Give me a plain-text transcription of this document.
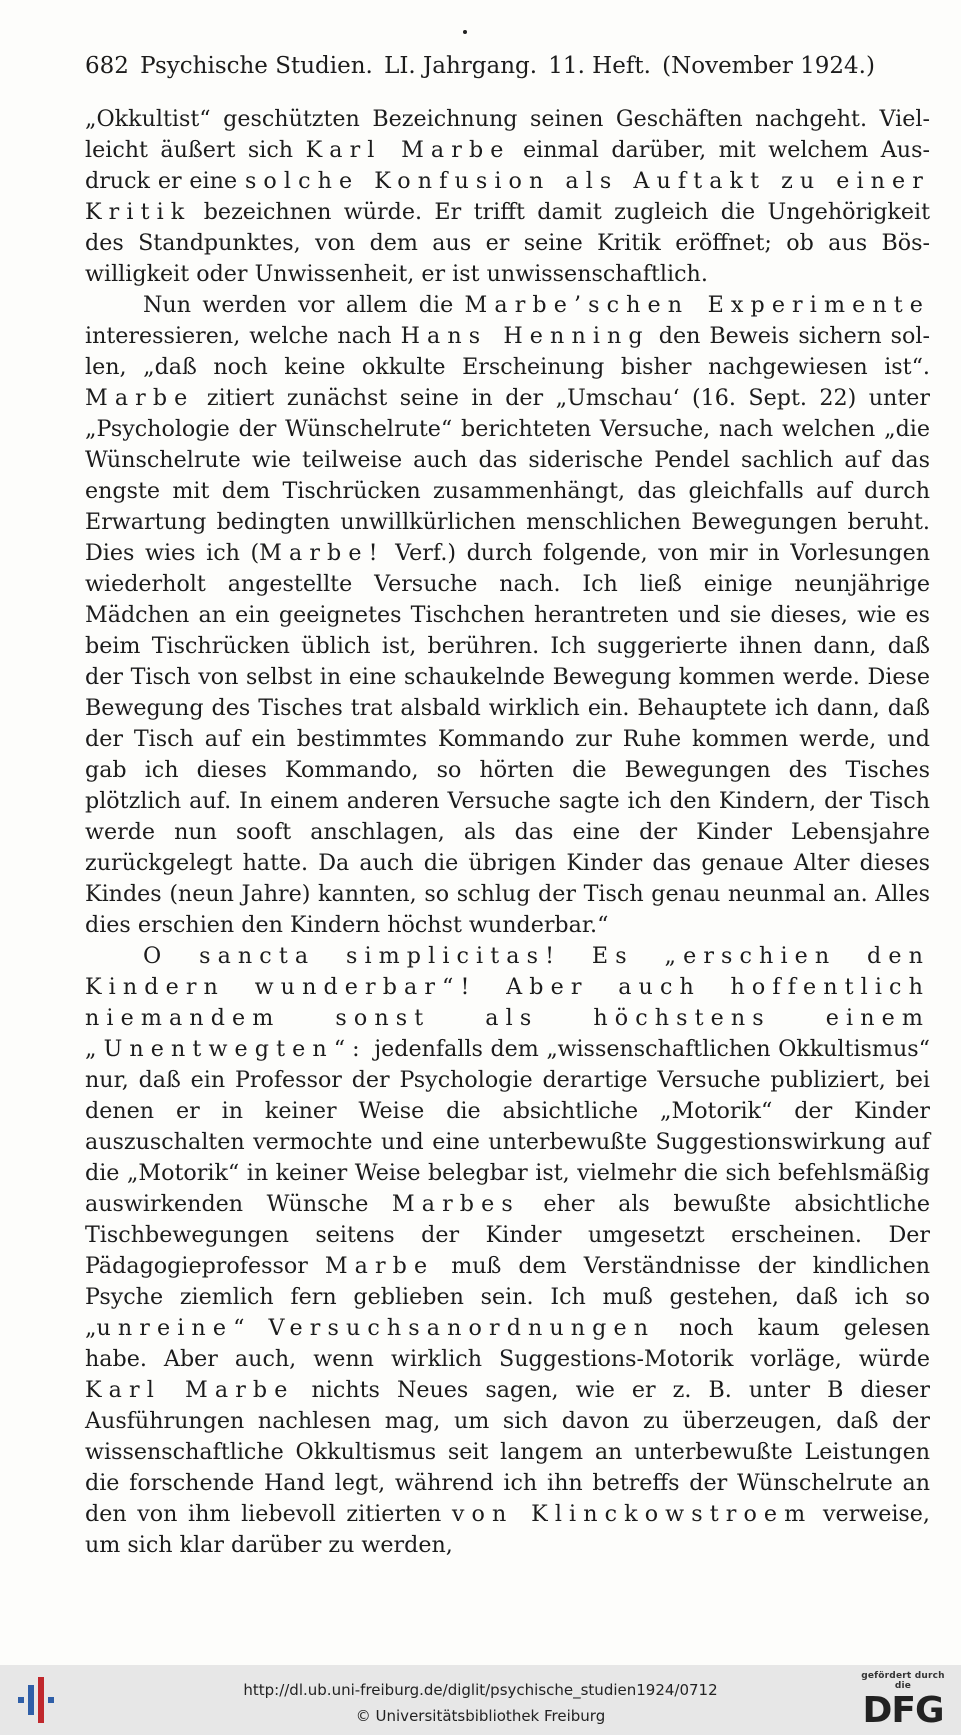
682 Psychische Studien. LI. Jahrgang. 11. Heft. (November 1924.)

„Okkultist“ geschützten Bezeichnung seinen Geschäften nachgeht. Vielleicht äußert sich Karl Marbe einmal darüber, mit welchem Ausdruck er eine solche Konfusion als Auftakt zu einer Kritik bezeichnen würde. Er trifft damit zugleich die Ungehörigkeit des Standpunktes, von dem aus er seine Kritik eröffnet; ob aus Böswilligkeit oder Unwissenheit, er ist unwissenschaftlich.

Nun werden vor allem die Marbe’schen Experimente interessieren, welche nach Hans Henning den Beweis sichern sollen, „daß noch keine okkulte Erscheinung bisher nachgewiesen ist“. Marbe zitiert zunächst seine in der „Umschau‘ (16. Sept. 22) unter „Psychologie der Wünschelrute“ berichteten Versuche, nach welchen „die Wünschelrute wie teilweise auch das siderische Pendel sachlich auf das engste mit dem Tischrücken zusammenhängt, das gleichfalls auf durch Erwartung bedingten unwillkürlichen menschlichen Bewegungen beruht. Dies wies ich (Marbe! Verf.) durch folgende, von mir in Vorlesungen wiederholt angestellte Versuche nach. Ich ließ einige neunjährige Mädchen an ein geeignetes Tischchen herantreten und sie dieses, wie es beim Tischrücken üblich ist, berühren. Ich suggerierte ihnen dann, daß der Tisch von selbst in eine schaukelnde Bewegung kommen werde. Diese Bewegung des Tisches trat alsbald wirklich ein. Behauptete ich dann, daß der Tisch auf ein bestimmtes Kommando zur Ruhe kommen werde, und gab ich dieses Kommando, so hörten die Bewegungen des Tisches plötzlich auf. In einem anderen Versuche sagte ich den Kindern, der Tisch werde nun sooft anschlagen, als das eine der Kinder Lebensjahre zurückgelegt hatte. Da auch die übrigen Kinder das genaue Alter dieses Kindes (neun Jahre) kannten, so schlug der Tisch genau neunmal an. Alles dies erschien den Kindern höchst wunderbar.“

O sancta simplicitas! Es „erschien den Kindern wunderbar“! Aber auch hoffentlich niemandem sonst als höchstens einem „Unentwegten“: jedenfalls dem „wissenschaftlichen Okkultismus“ nur, daß ein Professor der Psychologie derartige Versuche publiziert, bei denen er in keiner Weise die absichtliche „Motorik“ der Kinder auszuschalten vermochte und eine unterbewußte Suggestionswirkung auf die „Motorik“ in keiner Weise belegbar ist, vielmehr die sich befehlsmäßig auswirkenden Wünsche Marbes eher als bewußte absichtliche Tischbewegungen seitens der Kinder umgesetzt erscheinen. Der Pädagogieprofessor Marbe muß dem Verständnisse der kindlichen Psyche ziemlich fern geblieben sein. Ich muß gestehen, daß ich so „unreine“ Versuchsanordnungen noch kaum gelesen habe. Aber auch, wenn wirklich Suggestions-Motorik vorläge, würde Karl Marbe nichts Neues sagen, wie er z. B. unter B dieser Ausführungen nachlesen mag, um sich davon zu überzeugen, daß der wissenschaftliche Okkultismus seit langem an unterbewußte Leistungen die forschende Hand legt, während ich ihn betreffs der Wünschelrute an den von ihm liebevoll zitierten von Klinckowstroem verweise, um sich klar darüber zu werden,

http://dl.ub.uni-freiburg.de/diglit/psychische_studien1924/0712
© Universitätsbibliothek Freiburg
gefördert durch die
DFG
